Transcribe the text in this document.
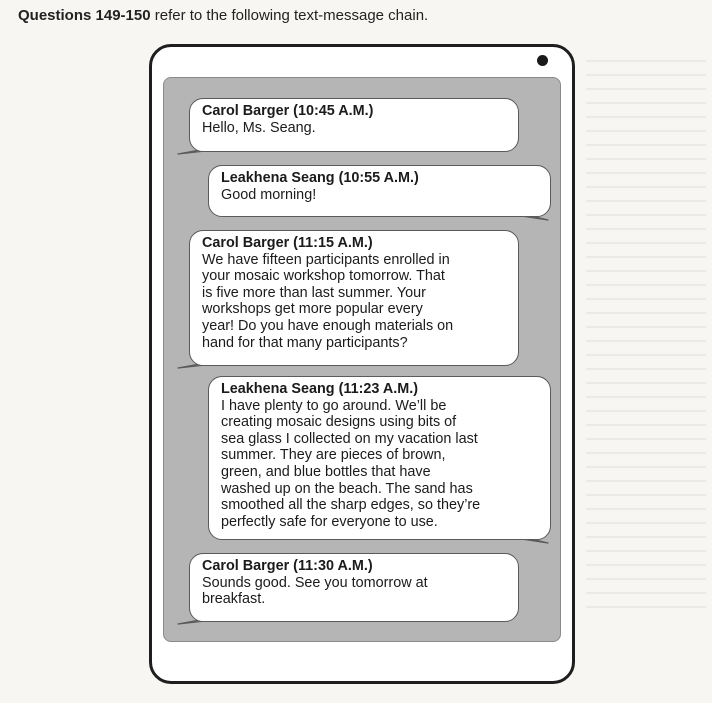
Questions 149-150 refer to the following text-message chain.
Carol Barger (10:45 A.M.)
Hello, Ms. Seang.
Leakhena Seang (10:55 A.M.)
Good morning!
Carol Barger (11:15 A.M.)
We have fifteen participants enrolled in
your mosaic workshop tomorrow. That
is five more than last summer. Your
workshops get more popular every
year! Do you have enough materials on
hand for that many participants?
Leakhena Seang (11:23 A.M.)
I have plenty to go around. We’ll be
creating mosaic designs using bits of
sea glass I collected on my vacation last
summer. They are pieces of brown,
green, and blue bottles that have
washed up on the beach. The sand has
smoothed all the sharp edges, so they’re
perfectly safe for everyone to use.
Carol Barger (11:30 A.M.)
Sounds good. See you tomorrow at
breakfast.
